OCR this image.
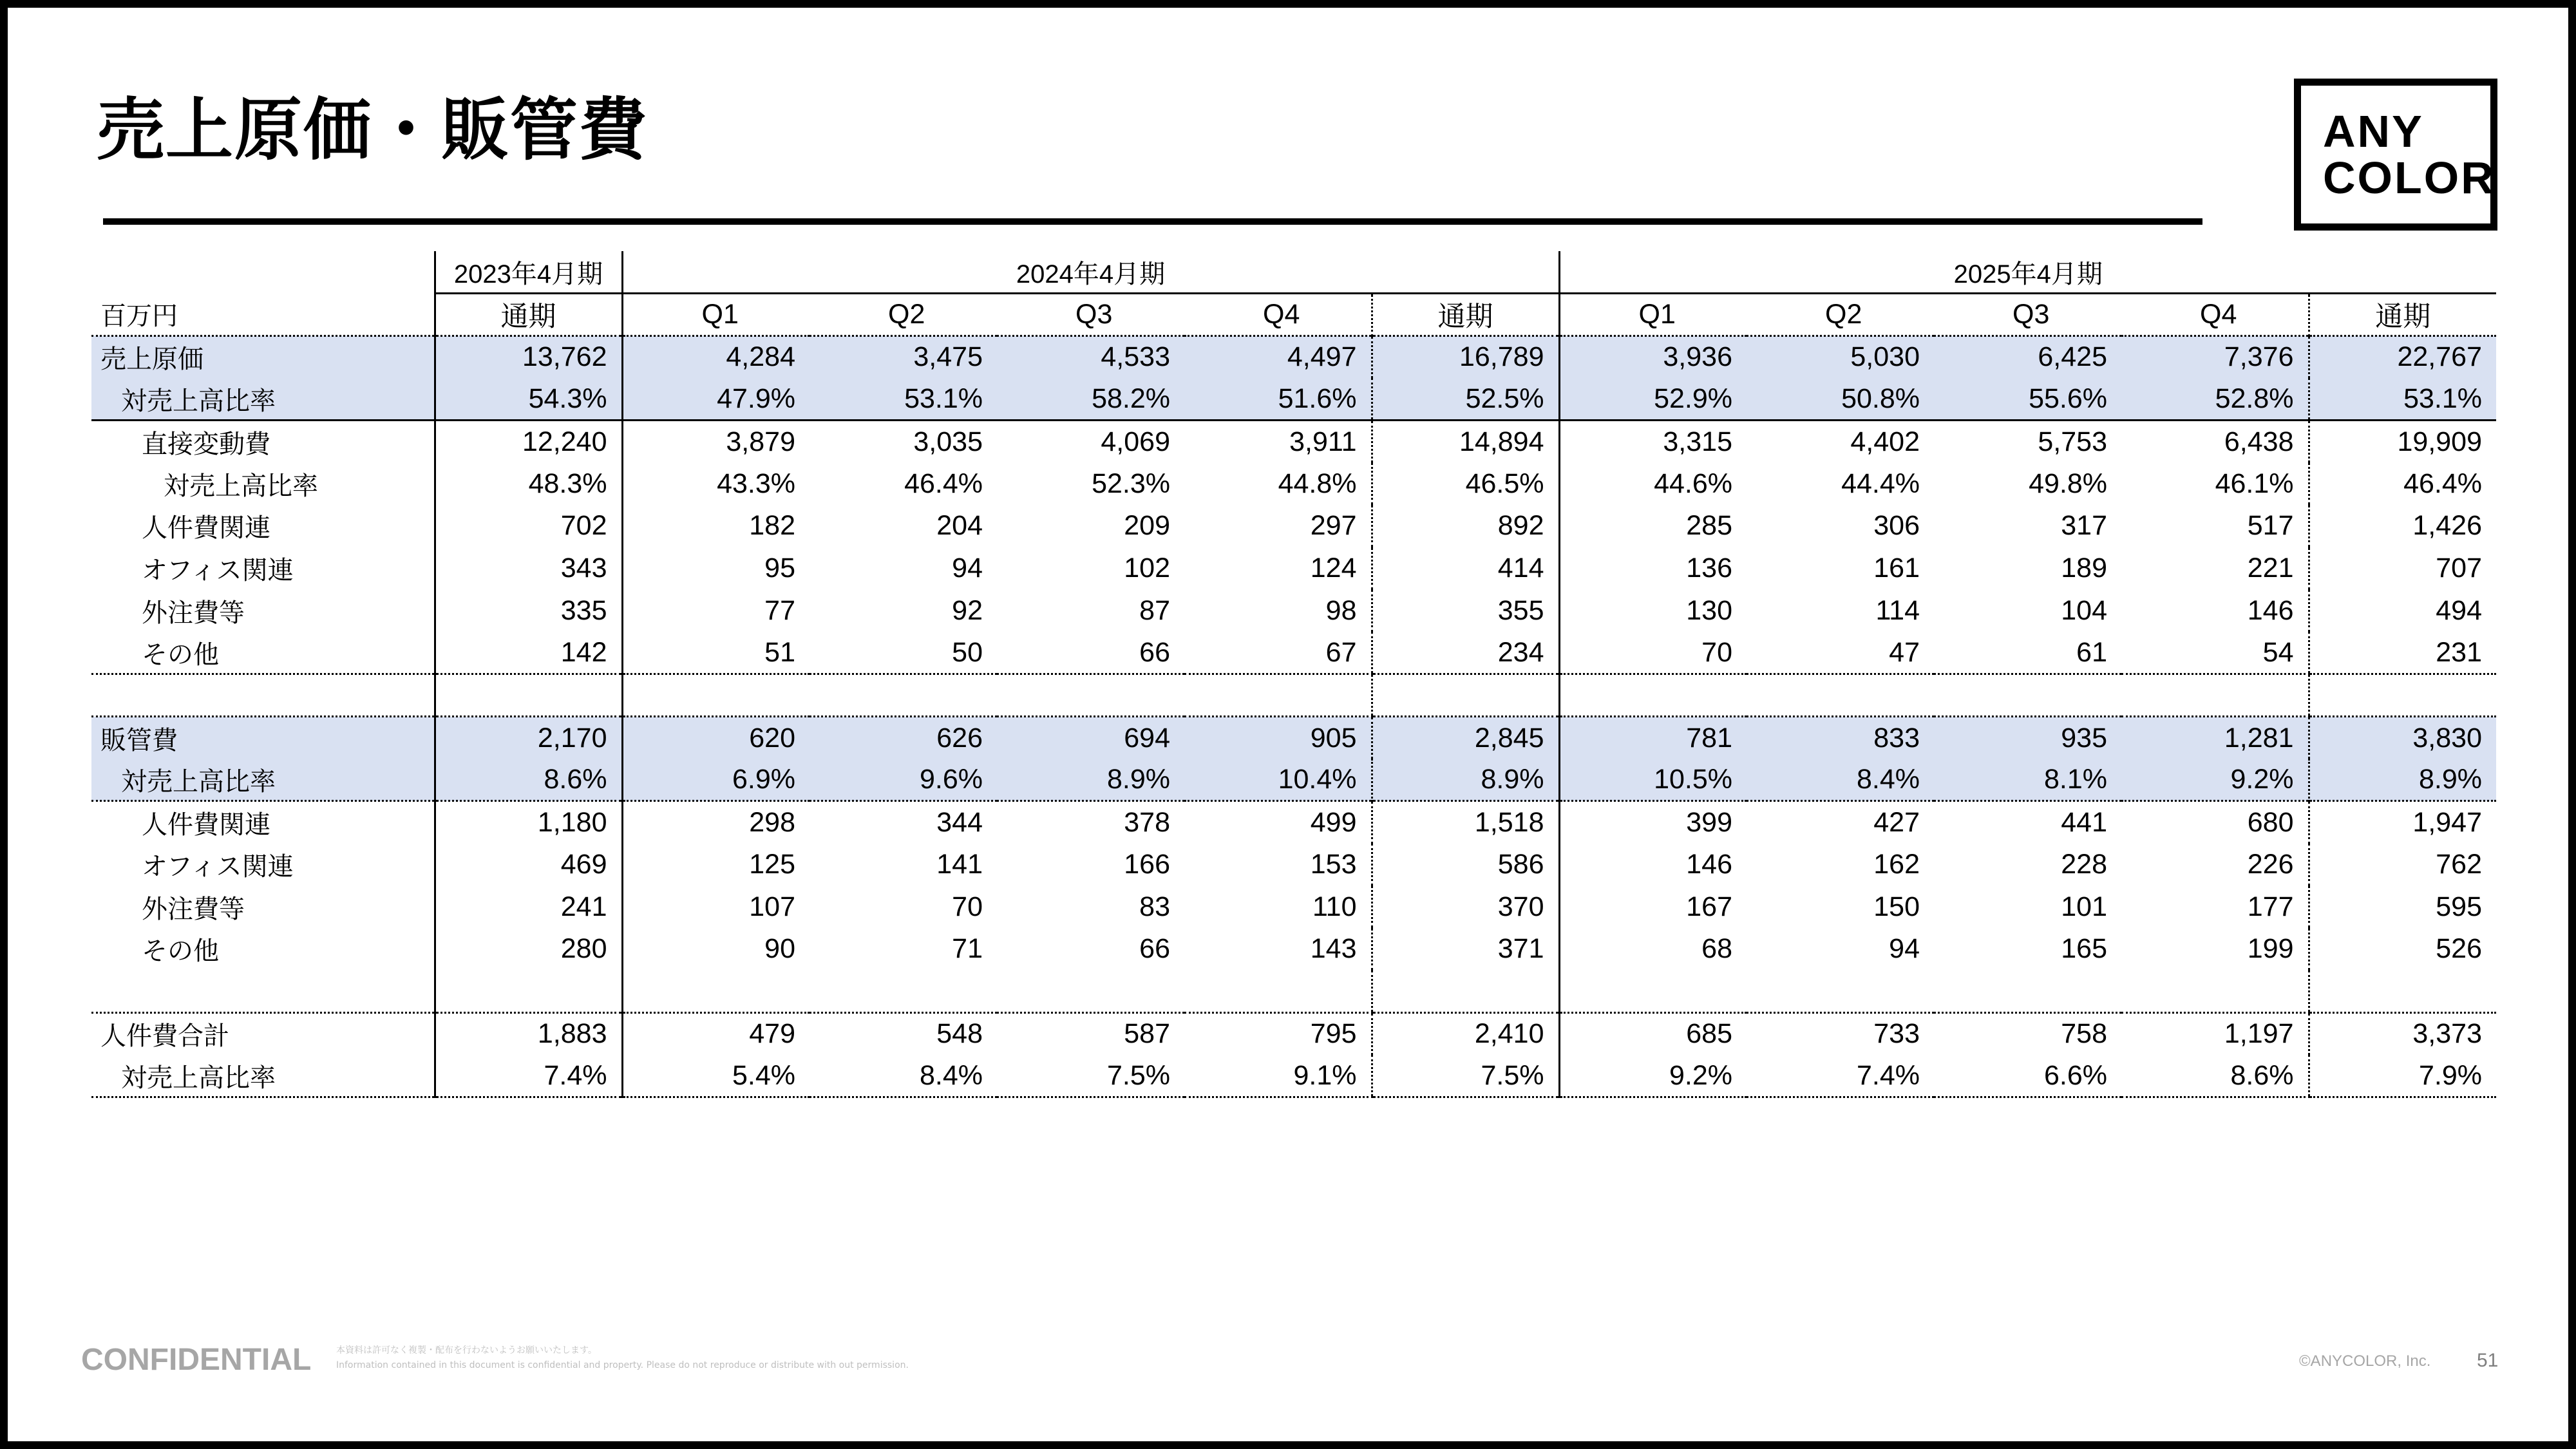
売上原価・販管費	ANY
COLOR
	2023年4月期	2024年4月期					2025年4月期				
百万円	通期	Q1	Q2	Q3	Q4	通期	Q1	Q2	Q3	Q4	通期
売上原価	13,762	4,284	3,475	4,533	4,497	16,789	3,936	5,030	6,425	7,376	22,767
対売上高比率	54.3%	47.9%	53.1%	58.2%	51.6%	52.5%	52.9%	50.8%	55.6%	52.8%	53.1%
直接変動費	12,240	3,879	3,035	4,069	3,911	14,894	3,315	4,402	5,753	6,438	19,909
対売上高比率	48.3%	43.3%	46.4%	52.3%	44.8%	46.5%	44.6%	44.4%	49.8%	46.1%	46.4%
人件費関連	702	182	204	209	297	892	285	306	317	517	1,426
オフィス関連	343	95	94	102	124	414	136	161	189	221	707
外注費等	335	77	92	87	98	355	130	114	104	146	494
その他	142	51	50	66	67	234	70	47	61	54	231

販管費	2,170	620	626	694	905	2,845	781	833	935	1,281	3,830
対売上高比率	8.6%	6.9%	9.6%	8.9%	10.4%	8.9%	10.5%	8.4%	8.1%	9.2%	8.9%
人件費関連	1,180	298	344	378	499	1,518	399	427	441	680	1,947
オフィス関連	469	125	141	166	153	586	146	162	228	226	762
外注費等	241	107	70	83	110	370	167	150	101	177	595
その他	280	90	71	66	143	371	68	94	165	199	526

人件費合計	1,883	479	548	587	795	2,410	685	733	758	1,197	3,373
対売上高比率	7.4%	5.4%	8.4%	7.5%	9.1%	7.5%	9.2%	7.4%	6.6%	8.6%	7.9%
CONFIDENTIAL	本資料は許可なく複製・配布を行わないようお願いいたします。
Information contained in this document is confidential and property. Please do not reproduce or distribute with out permission.	©ANYCOLOR, Inc. 51
